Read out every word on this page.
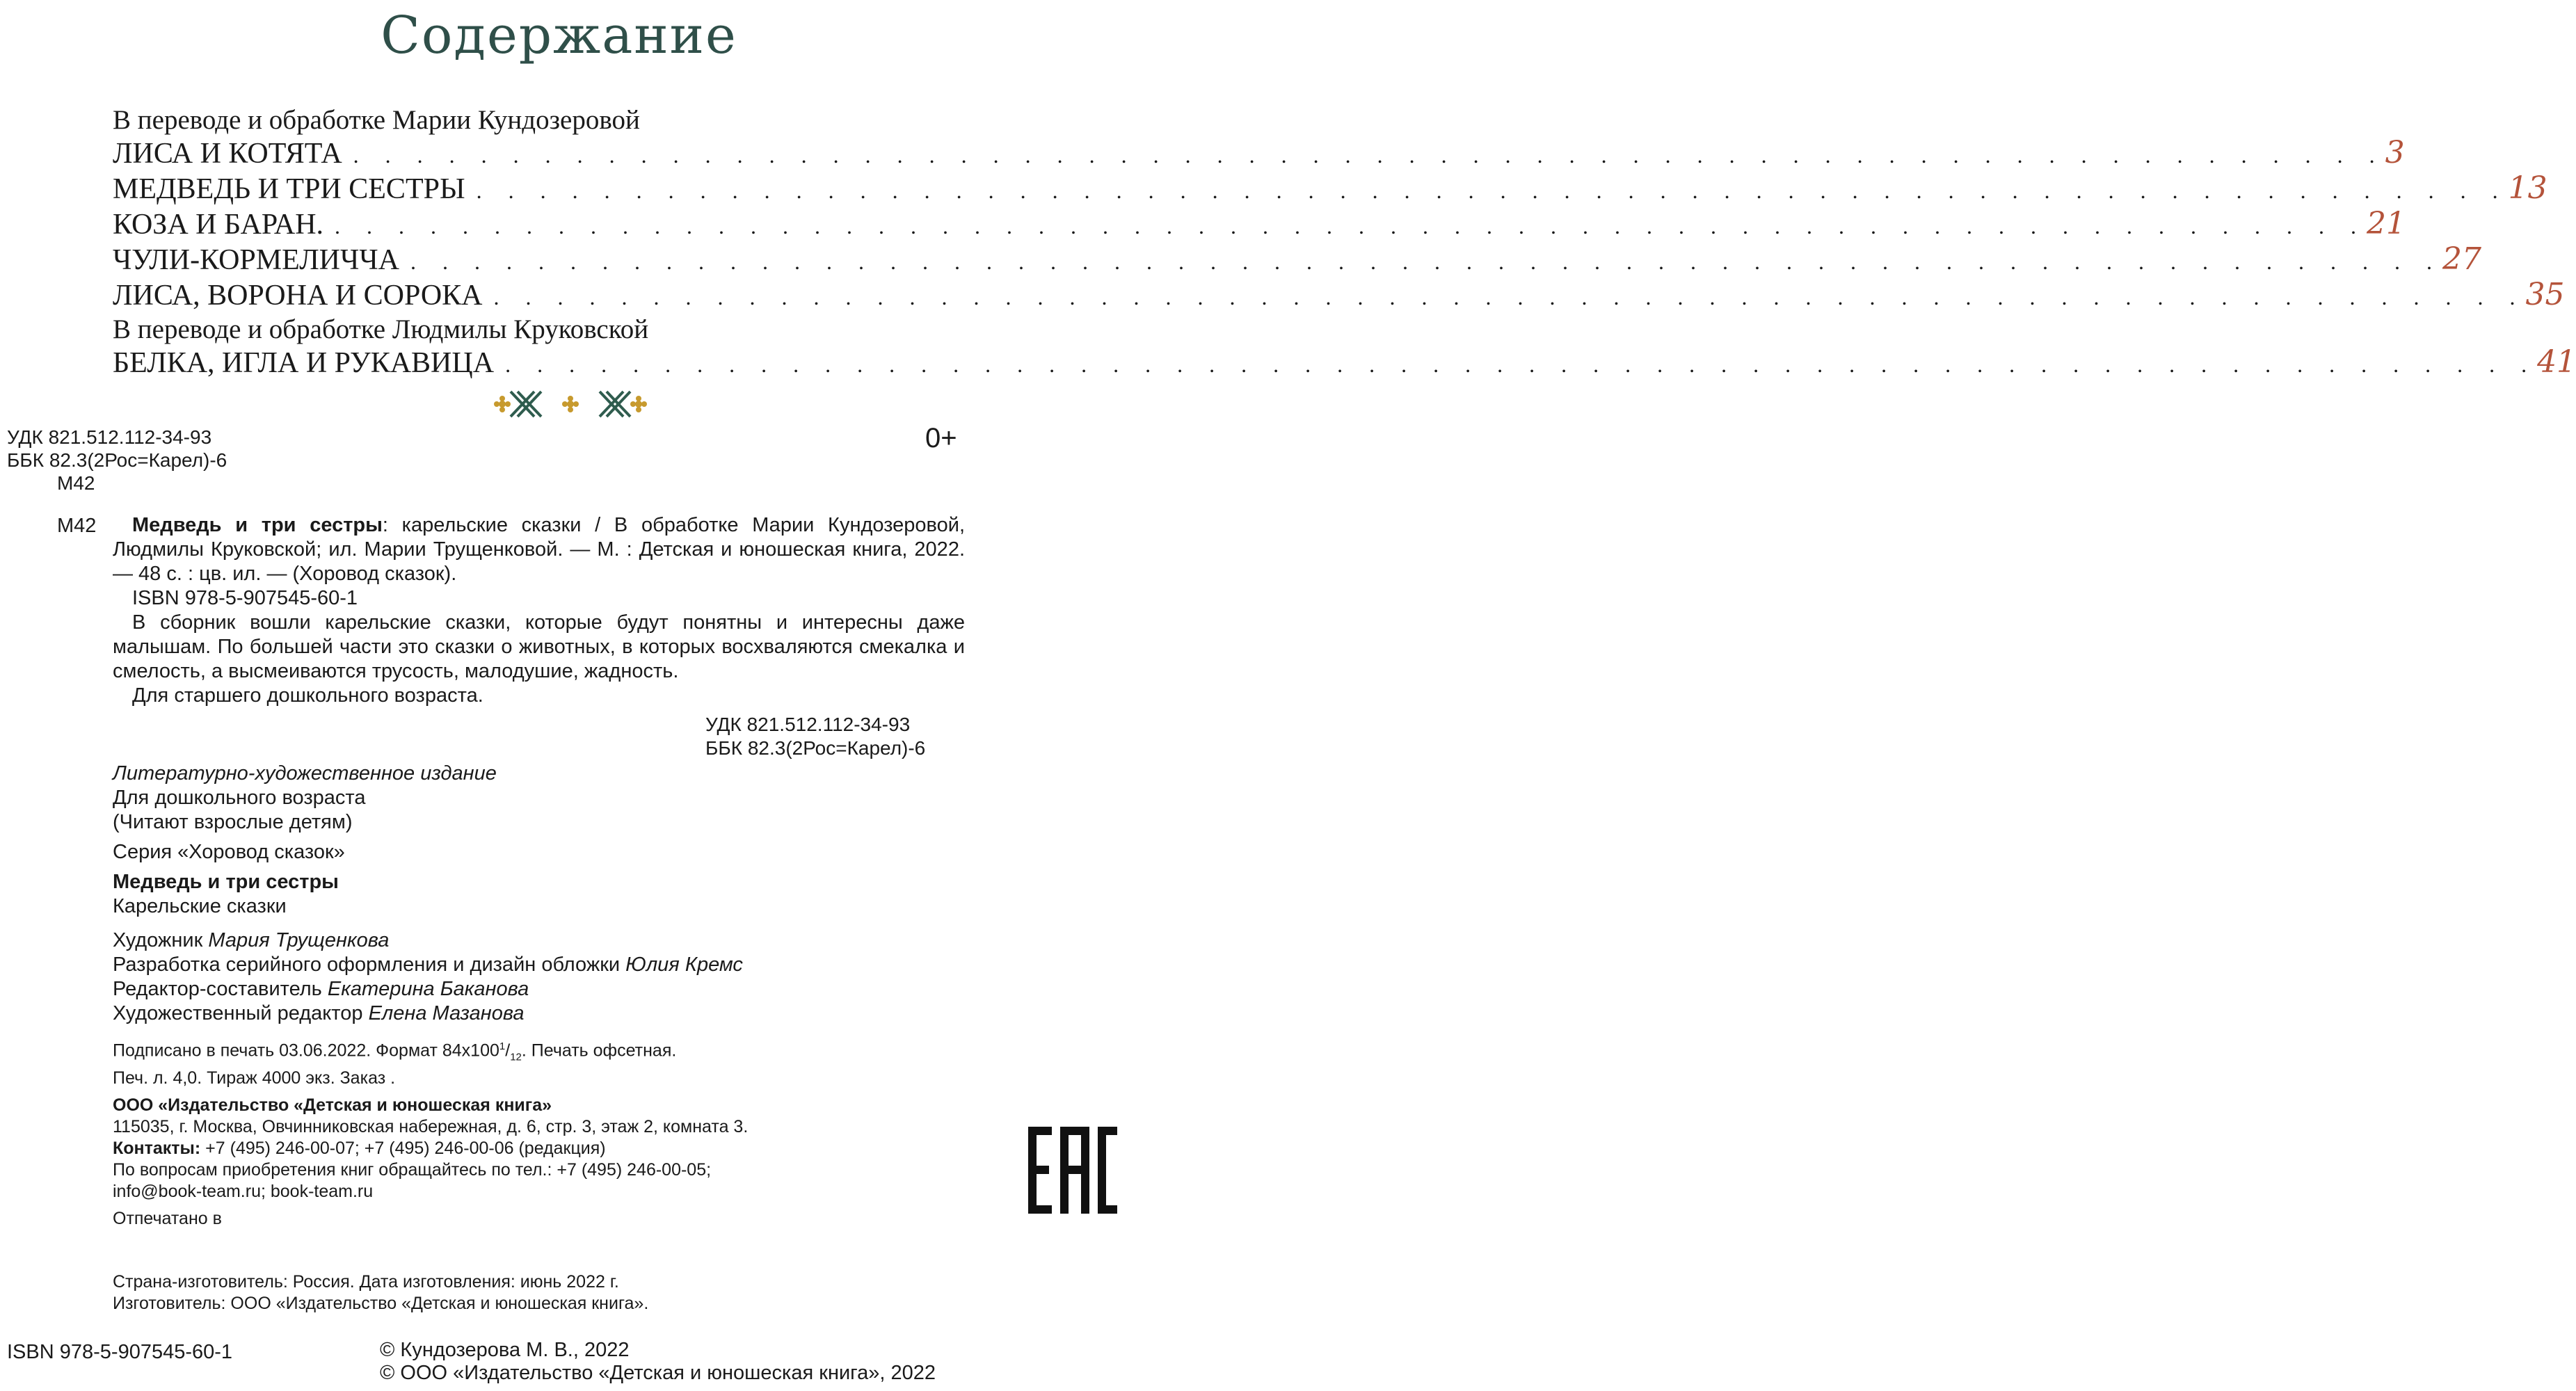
Содержание
В переводе и обработке Марии Кундозеровой
ЛИСА И КОТЯТА . . . . . . . . . . . . . . . . . . . . . . . . . . . . . . . . . . . . . . . . . . . . . . . . . . . . . . . . . . . . . . . . 3
МЕДВЕДЬ И ТРИ СЕСТРЫ . . . . . . . . . . . . . . . . . . . . . . . . . . . . . . . . . . . . . . . . . . . . . . . . . . . . . . . . . . . . . . . . 13
КОЗА И БАРАН. . . . . . . . . . . . . . . . . . . . . . . . . . . . . . . . . . . . . . . . . . . . . . . . . . . . . . . . . . . . . . . . . 21
ЧУЛИ-КОРМЕЛИЧЧА . . . . . . . . . . . . . . . . . . . . . . . . . . . . . . . . . . . . . . . . . . . . . . . . . . . . . . . . . . . . . . . . 27
ЛИСА, ВОРОНА И СОРОКА . . . . . . . . . . . . . . . . . . . . . . . . . . . . . . . . . . . . . . . . . . . . . . . . . . . . . . . . . . . . . . . . 35
В переводе и обработке Людмилы Круковской
БЕЛКА, ИГЛА И РУКАВИЦА . . . . . . . . . . . . . . . . . . . . . . . . . . . . . . . . . . . . . . . . . . . . . . . . . . . . . . . . . . . . . . . . 41
УДК 821.512.112-34-93
ББК 82.3(2Рос=Карел)-6
М42
0+
М42	Медведь и три сестры: карельские сказки / В обработке Марии Кундозеровой, Людмилы Круковской; ил. Марии Трущенковой. — М. : Детская и юношеская книга, 2022. — 48 с. : цв. ил. — (Хоровод сказок).

ISBN 978-5-907545-60-1

В сборник вошли карельские сказки, которые будут понятны и интересны даже малышам. По большей части это сказки о животных, в которых восхваляются смекалка и смелость, а высмеиваются трусость, малодушие, жадность.

Для старшего дошкольного возраста.

УДК 821.512.112-34-93
ББК 82.3(2Рос=Карел)-6
Литературно-художественное издание
Для дошкольного возраста
(Читают взрослые детям)
Серия «Хоровод сказок»
Медведь и три сестры
Карельские сказки
Художник Мария Трущенкова
Разработка серийного оформления и дизайн обложки Юлия Кремс
Редактор-составитель Екатерина Баканова
Художественный редактор Елена Мазанова
Подписано в печать 03.06.2022. Формат $84x100^1/_{12}$. Печать офсетная.
Печ. л. 4,0. Тираж 4000 экз. Заказ .
ООО «Издательство «Детская и юношеская книга»
115035, г. Москва, Овчинниковская набережная, д. 6, стр. 3, этаж 2, комната 3.
Контакты: +7 (495) 246-00-07; +7 (495) 246-00-06 (редакция)
По вопросам приобретения книг обращайтесь по тел.: +7 (495) 246-00-05;
info@book-team.ru; book-team.ru
Отпечатано в
Страна-изготовитель: Россия. Дата изготовления: июнь 2022 г.
Изготовитель: ООО «Издательство «Детская и юношеская книга».
ISBN 978-5-907545-60-1	© Кундозерова М. В., 2022
© ООО «Издательство «Детская и юношеская книга», 2022
